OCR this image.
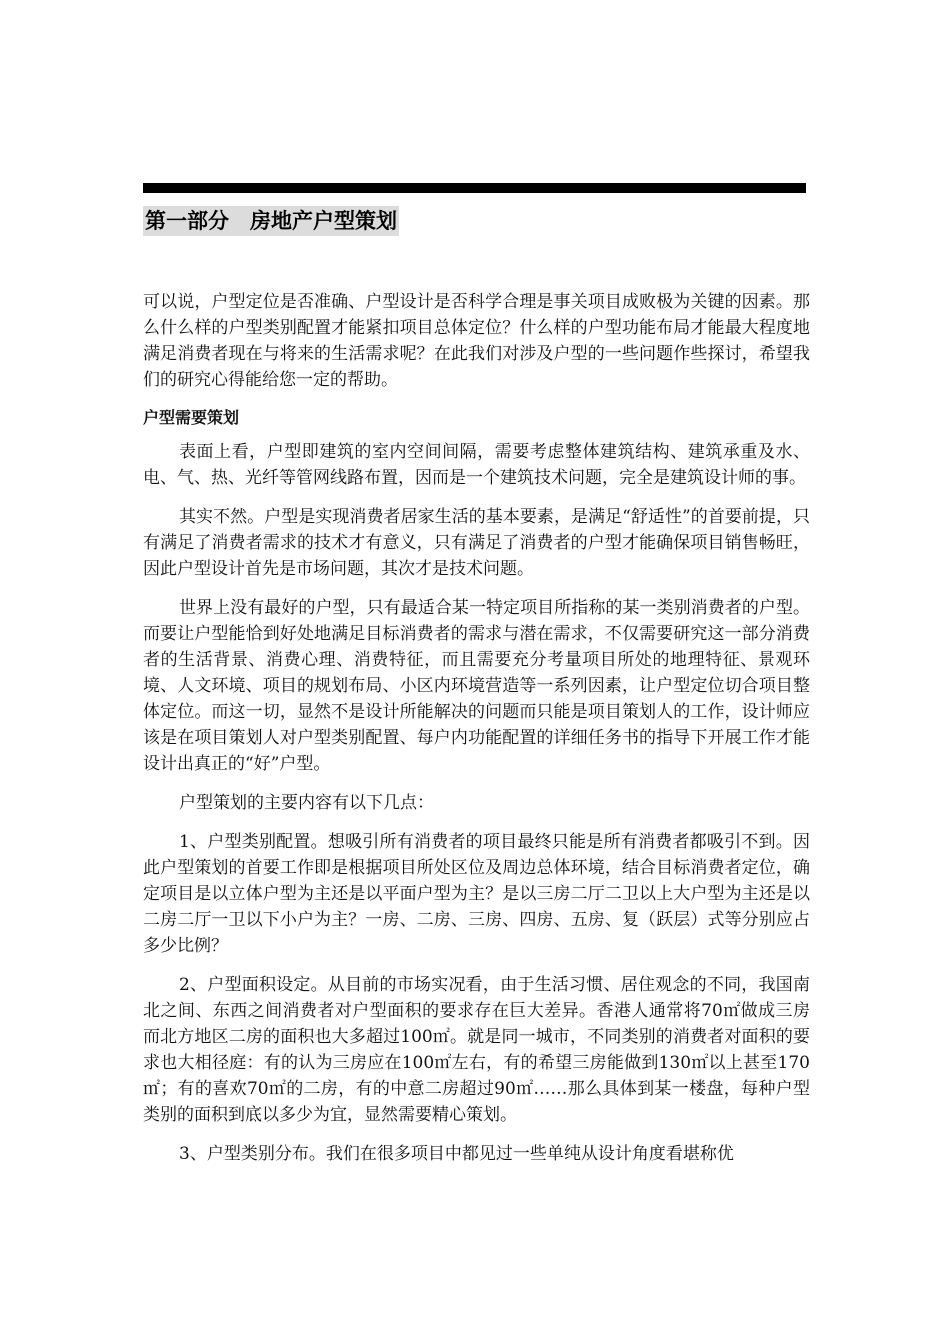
第一部分　房地产户型策划

可以说，户型定位是否准确、户型设计是否科学合理是事关项目成败极为关键的因素。那么什么样的户型类别配置才能紧扣项目总体定位？什么样的户型功能布局才能最大程度地满足消费者现在与将来的生活需求呢？在此我们对涉及户型的一些问题作些探讨，希望我们的研究心得能给您一定的帮助。

户型需要策划

表面上看，户型即建筑的室内空间间隔，需要考虑整体建筑结构、建筑承重及水、电、气、热、光纤等管网线路布置，因而是一个建筑技术问题，完全是建筑设计师的事。

其实不然。户型是实现消费者居家生活的基本要素，是满足“舒适性”的首要前提，只有满足了消费者需求的技术才有意义，只有满足了消费者的户型才能确保项目销售畅旺，因此户型设计首先是市场问题，其次才是技术问题。

世界上没有最好的户型，只有最适合某一特定项目所指称的某一类别消费者的户型。而要让户型能恰到好处地满足目标消费者的需求与潜在需求，不仅需要研究这一部分消费者的生活背景、消费心理、消费特征，而且需要充分考量项目所处的地理特征、景观环境、人文环境、项目的规划布局、小区内环境营造等一系列因素，让户型定位切合项目整体定位。而这一切，显然不是设计所能解决的问题而只能是项目策划人的工作，设计师应该是在项目策划人对户型类别配置、每户内功能配置的详细任务书的指导下开展工作才能设计出真正的“好”户型。

户型策划的主要内容有以下几点：

1、户型类别配置。想吸引所有消费者的项目最终只能是所有消费者都吸引不到。因此户型策划的首要工作即是根据项目所处区位及周边总体环境，结合目标消费者定位，确定项目是以立体户型为主还是以平面户型为主？是以三房二厅二卫以上大户型为主还是以二房二厅一卫以下小户为主？一房、二房、三房、四房、五房、复（跃层）式等分别应占多少比例？

2、户型面积设定。从目前的市场实况看，由于生活习惯、居住观念的不同，我国南北之间、东西之间消费者对户型面积的要求存在巨大差异。香港人通常将70㎡做成三房而北方地区二房的面积也大多超过100㎡。就是同一城市，不同类别的消费者对面积的要求也大相径庭：有的认为三房应在100㎡左右，有的希望三房能做到130㎡以上甚至170㎡；有的喜欢70㎡的二房，有的中意二房超过90㎡……那么具体到某一楼盘，每种户型类别的面积到底以多少为宜，显然需要精心策划。

3、户型类别分布。我们在很多项目中都见过一些单纯从设计角度看堪称优
